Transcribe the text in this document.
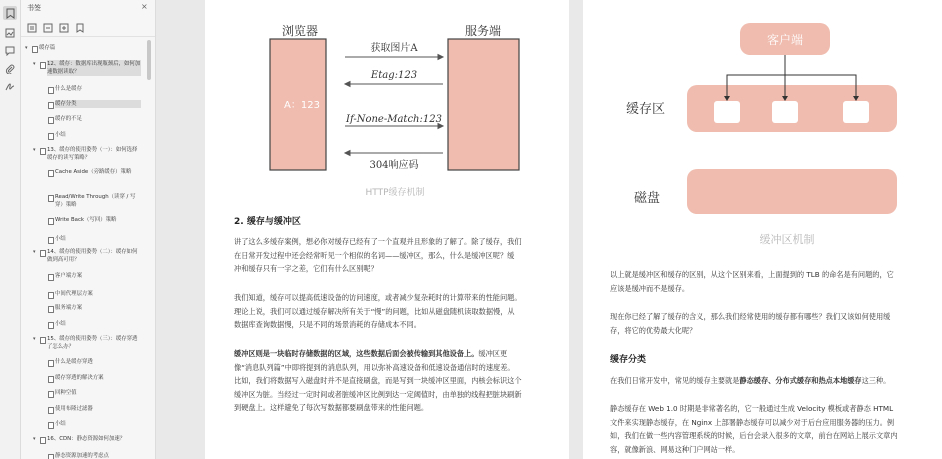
书签	×
▾ 缓存篇
▾ 12、缓存：数据库出现瓶颈后，如何加速数据读取？
什么是缓存
缓存分类
缓存的不足
小结
▾ 13、缓存的使用姿势（一）：如何选择缓存的读写策略？
Cache Aside（旁路缓存）策略
Read/Write Through（读穿 / 写穿）策略
Write Back（写回）策略
小结
▾ 14、缓存的使用姿势（二）：缓存如何做到高可用？
客户端方案
中间代理层方案
服务端方案
小结
▾ 15、缓存的使用姿势（三）：缓存穿透了怎么办？
什么是缓存穿透
缓存穿透的解决方案
回种空值
使用布隆过滤器
小结
▾ 16、CDN：静态资源如何加速？
静态资源加速的考虑点
浏览器	服务端
A：123
获取图片A
Etag:123
If-None-Match:123
304响应码
HTTP缓存机制
2. 缓存与缓冲区
讲了这么多缓存案例，想必你对缓存已经有了一个直观并且形象的了解了。除了缓存，我们
在日常开发过程中还会经常听见一个相似的名词——缓冲区，那么，什么是缓冲区呢？缓
冲和缓存只有一字之差，它们有什么区别呢？
我们知道，缓存可以提高低速设备的访问速度，或者减少复杂耗时的计算带来的性能问题。
理论上说，我们可以通过缓存解决所有关于“慢”的问题，比如从磁盘随机读取数据慢，从
数据库查询数据慢，只是不同的场景消耗的存储成本不同。
缓冲区则是一块临时存储数据的区域，这些数据后面会被传输到其他设备上。缓冲区更
像“消息队列篇”中即将提到的消息队列，用以弥补高速设备和低速设备通信时的速度差。
比如，我们将数据写入磁盘时并不是直接刷盘，而是写到一块缓冲区里面，内核会标识这个
缓冲区为脏。当经过一定时间或者脏缓冲区比例到达一定阈值时，由单独的线程把脏块刷新
到硬盘上。这样避免了每次写数据都要刷盘带来的性能问题。
客户端
缓存区
磁盘
缓冲区机制
以上就是缓冲区和缓存的区别，从这个区别来看，上面提到的 TLB 的命名是有问题的，它
应该是缓冲而不是缓存。
现在你已经了解了缓存的含义，那么我们经常使用的缓存都有哪些？我们又该如何使用缓
存，将它的优势最大化呢？
缓存分类
在我们日常开发中，常见的缓存主要就是静态缓存、分布式缓存和热点本地缓存这三种。
静态缓存在 Web 1.0 时期是非常著名的，它一般通过生成 Velocity 模板或者静态 HTML
文件来实现静态缓存，在 Nginx 上部署静态缓存可以减少对于后台应用服务器的压力。例
如，我们在做一些内容管理系统的时候，后台会录入很多的文章，前台在网站上展示文章内
容，就像新浪、网易这种门户网站一样。
